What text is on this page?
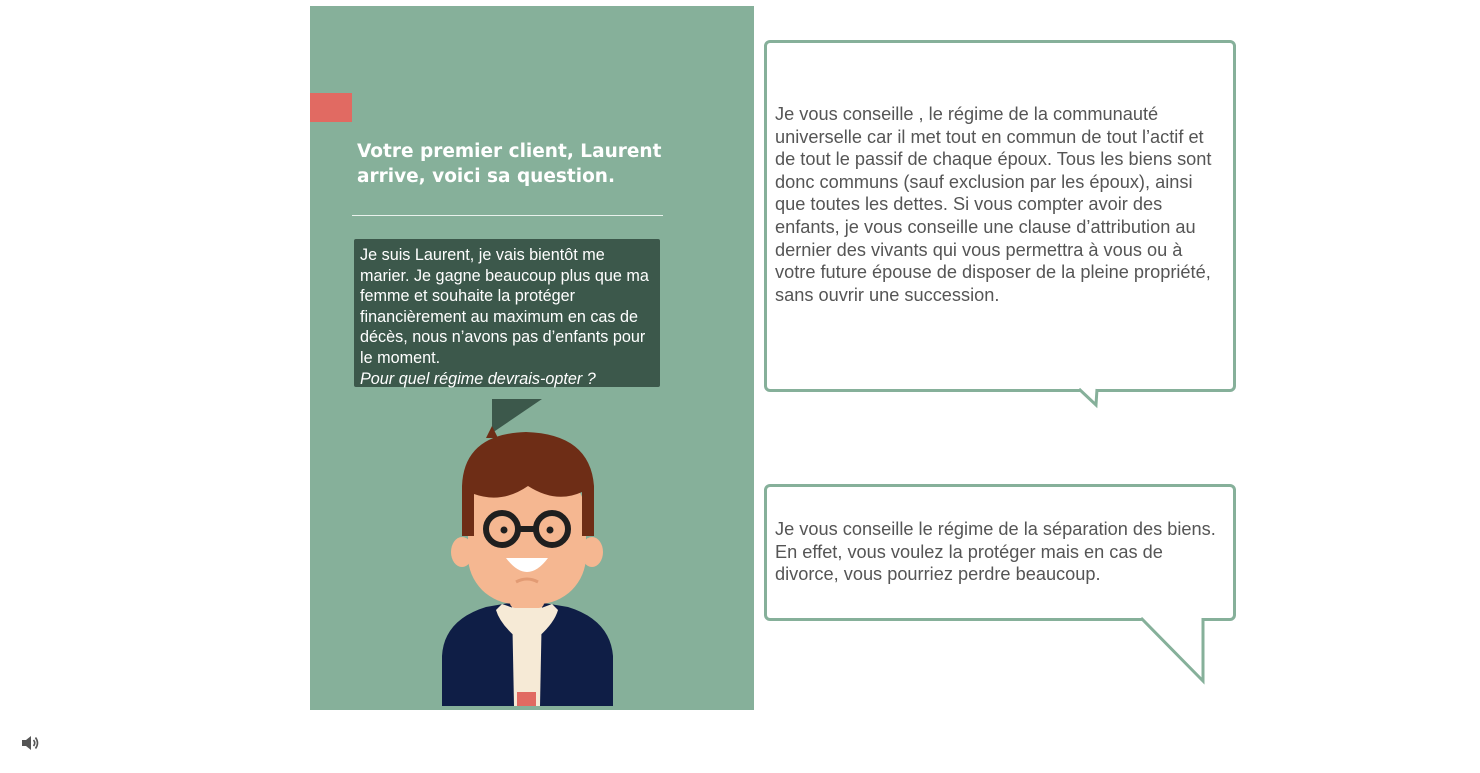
Votre premier client, Laurent arrive, voici sa question.

Je suis Laurent, je vais bientôt me marier. Je gagne beaucoup plus que ma femme et souhaite la protéger financièrement au maximum en cas de décès, nous n’avons pas d’enfants pour le moment.

Pour quel régime devrais-opter ?

Je vous conseille , le régime de la communauté universelle car il met tout en commun de tout l’actif et de tout le passif de chaque époux. Tous les biens sont donc communs (sauf exclusion par les époux), ainsi que toutes les dettes. Si vous compter avoir des enfants, je vous conseille une clause d’attribution au dernier des vivants qui vous permettra à vous ou à votre future épouse de disposer de la pleine propriété, sans ouvrir une succession.

Je vous conseille le régime de la séparation des biens. En effet, vous voulez la protéger mais en cas de divorce, vous pourriez perdre beaucoup.
